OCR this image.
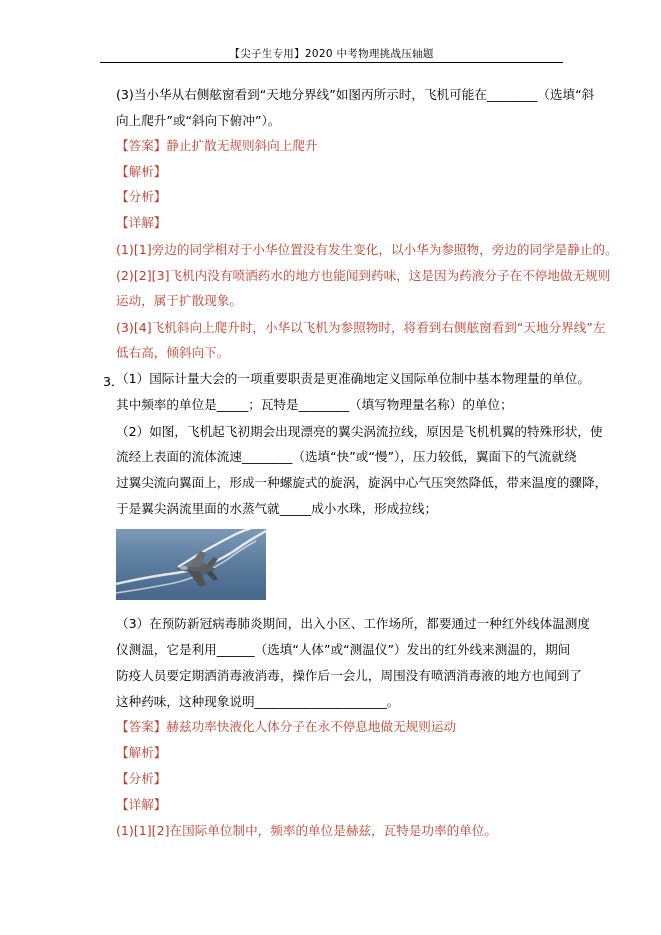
【尖子生专用】2020 中考物理挑战压轴题
(3)当小华从右侧舷窗看到“天地分界线”如图丙所示时，飞机可能在________（选填“斜
向上爬升”或“斜向下俯冲”）。
【答案】静止扩散无规则斜向上爬升
【解析】
【分析】
【详解】
(1)[1]旁边的同学相对于小华位置没有发生变化，以小华为参照物，旁边的同学是静止的。
(2)[2][3]飞机内没有喷洒药水的地方也能闻到药味，这是因为药液分子在不停地做无规则
运动，属于扩散现象。
(3)[4]飞机斜向上爬升时，小华以飞机为参照物时，将看到右侧舷窗看到“天地分界线”左
低右高，倾斜向下。
3．
（1）国际计量大会的一项重要职责是更准确地定义国际单位制中基本物理量的单位。
其中频率的单位是_____；瓦特是________（填写物理量名称）的单位；
（2）如图，飞机起飞初期会出现漂亮的翼尖涡流拉线，原因是飞机机翼的特殊形状，使
流经上表面的流体流速________（选填“快”或“慢”），压力较低，翼面下的气流就绕
过翼尖流向翼面上，形成一种螺旋式的旋涡，旋涡中心气压突然降低，带来温度的骤降，
于是翼尖涡流里面的水蒸气就_____成小水珠，形成拉线；
（3）在预防新冠病毒肺炎期间，出入小区、工作场所，都要通过一种红外线体温测度
仪测温，它是利用______（选填“人体”或“测温仪”）发出的红外线来测温的，期间
防疫人员要定期洒消毒液消毒，操作后一会儿，周围没有喷洒消毒液的地方也闻到了
这种药味，这种现象说明_____________________。
【答案】赫兹功率快液化人体分子在永不停息地做无规则运动
【解析】
【分析】
【详解】
(1)[1][2]在国际单位制中，频率的单位是赫兹，瓦特是功率的单位。
